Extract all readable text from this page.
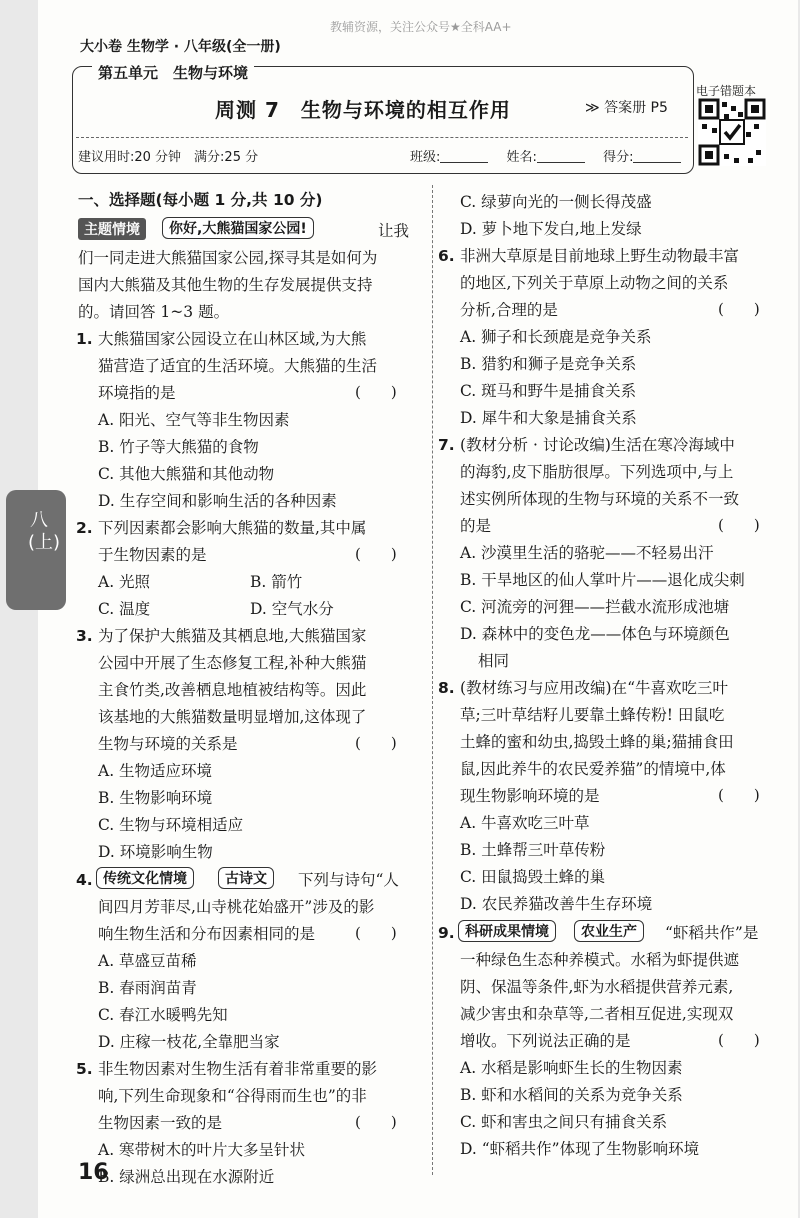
教辅资源，关注公众号★全科AA+
大小卷 生物学 · 八年级(全一册)
第五单元　生物与环境
周测 7　生物与环境的相互作用	≫ 答案册 P5
建议用时:20 分钟　满分:25 分	班级:	姓名:	得分:
电子错题本
八(上)
一、选择题(每小题 1 分,共 10 分)
主题情境	你好,大熊猫国家公园!	让我
们一同走进大熊猫国家公园,探寻其是如何为
国内大熊猫及其他生物的生存发展提供支持
的。请回答 1~3 题。
1. 大熊猫国家公园设立在山林区域,为大熊
猫营造了适宜的生活环境。大熊猫的生活
环境指的是	(　　)
A. 阳光、空气等非生物因素
B. 竹子等大熊猫的食物
C. 其他大熊猫和其他动物
D. 生存空间和影响生活的各种因素
2. 下列因素都会影响大熊猫的数量,其中属
于生物因素的是	(　　)
A. 光照	B. 箭竹
C. 温度	D. 空气水分
3. 为了保护大熊猫及其栖息地,大熊猫国家
公园中开展了生态修复工程,补种大熊猫
主食竹类,改善栖息地植被结构等。因此
该基地的大熊猫数量明显增加,这体现了
生物与环境的关系是	(　　)
A. 生物适应环境
B. 生物影响环境
C. 生物与环境相适应
D. 环境影响生物
4. 传统文化情境	古诗文	下列与诗句“人
间四月芳菲尽,山寺桃花始盛开”涉及的影
响生物生活和分布因素相同的是	(　　)
A. 草盛豆苗稀
B. 春雨润苗青
C. 春江水暖鸭先知
D. 庄稼一枝花,全靠肥当家
5. 非生物因素对生物生活有着非常重要的影
响,下列生命现象和“谷得雨而生也”的非
生物因素一致的是	(　　)
A. 寒带树木的叶片大多呈针状
B. 绿洲总出现在水源附近
16
C. 绿萝向光的一侧长得茂盛
D. 萝卜地下发白,地上发绿
6. 非洲大草原是目前地球上野生动物最丰富
的地区,下列关于草原上动物之间的关系
分析,合理的是	(　　)
A. 狮子和长颈鹿是竞争关系
B. 猎豹和狮子是竞争关系
C. 斑马和野牛是捕食关系
D. 犀牛和大象是捕食关系
7. (教材分析 · 讨论改编)生活在寒冷海域中
的海豹,皮下脂肪很厚。下列选项中,与上
述实例所体现的生物与环境的关系不一致
的是	(　　)
A. 沙漠里生活的骆驼——不轻易出汗
B. 干旱地区的仙人掌叶片——退化成尖刺
C. 河流旁的河狸——拦截水流形成池塘
D. 森林中的变色龙——体色与环境颜色
相同
8. (教材练习与应用改编)在“牛喜欢吃三叶
草;三叶草结籽儿要靠土蜂传粉! 田鼠吃
土蜂的蜜和幼虫,捣毁土蜂的巢;猫捕食田
鼠,因此养牛的农民爱养猫”的情境中,体
现生物影响环境的是	(　　)
A. 牛喜欢吃三叶草
B. 土蜂帮三叶草传粉
C. 田鼠捣毁土蜂的巢
D. 农民养猫改善牛生存环境
9. 科研成果情境	农业生产	“虾稻共作”是
一种绿色生态种养模式。水稻为虾提供遮
阴、保温等条件,虾为水稻提供营养元素,
减少害虫和杂草等,二者相互促进,实现双
增收。下列说法正确的是	(　　)
A. 水稻是影响虾生长的生物因素
B. 虾和水稻间的关系为竞争关系
C. 虾和害虫之间只有捕食关系
D. “虾稻共作”体现了生物影响环境
